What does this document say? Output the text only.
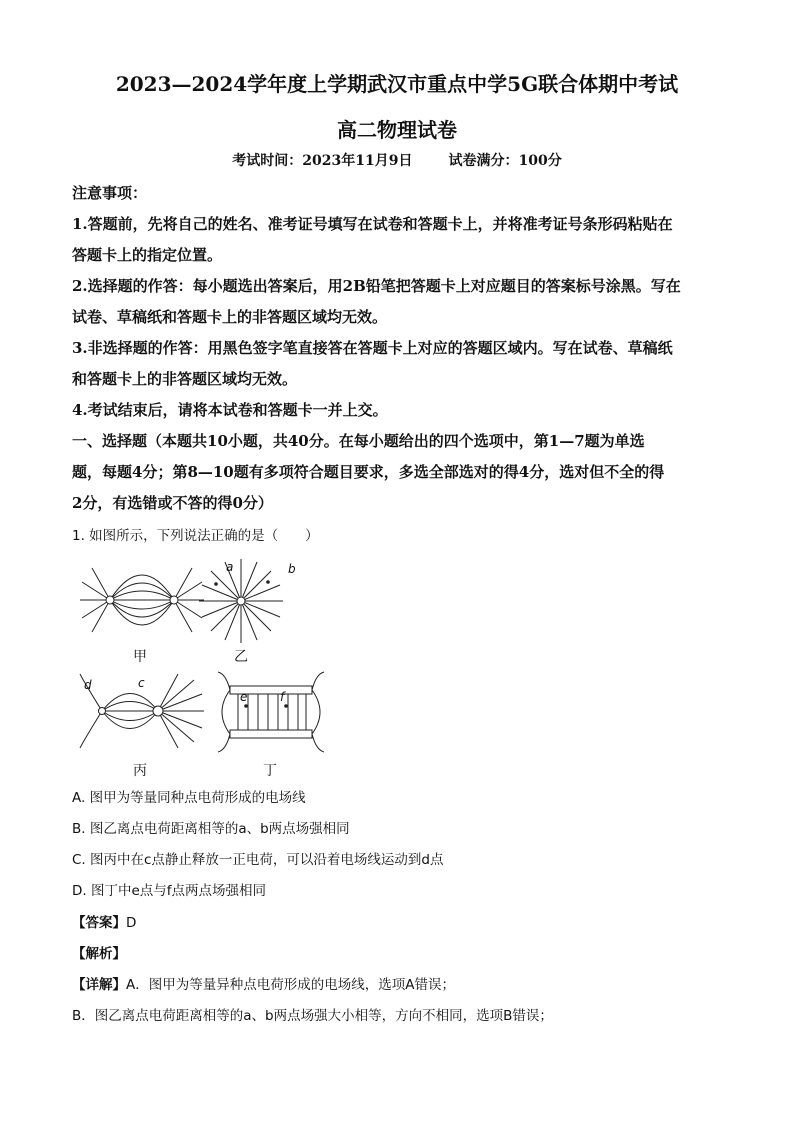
2023—2024学年度上学期武汉市重点中学5G联合体期中考试
高二物理试卷
考试时间：2023年11月9日	试卷满分：100分
注意事项：
1.答题前，先将自己的姓名、准考证号填写在试卷和答题卡上，并将准考证号条形码粘贴在
答题卡上的指定位置。
2.选择题的作答：每小题选出答案后，用2B铅笔把答题卡上对应题目的答案标号涂黑。写在
试卷、草稿纸和答题卡上的非答题区域均无效。
3.非选择题的作答：用黑色签字笔直接答在答题卡上对应的答题区域内。写在试卷、草稿纸
和答题卡上的非答题区域均无效。
4.考试结束后，请将本试卷和答题卡一并上交。
一、选择题（本题共10小题，共40分。在每小题给出的四个选项中，第1—7题为单选
题，每题4分；第8—10题有多项符合题目要求，多选全部选对的得4分，选对但不全的得
2分，有选错或不答的得0分）
1. 如图所示，下列说法正确的是（　　）
甲
a	b
乙
d	c
丙
e	f
丁
A. 图甲为等量同种点电荷形成的电场线
B. 图乙离点电荷距离相等的a、b两点场强相同
C. 图丙中在c点静止释放一正电荷，可以沿着电场线运动到d点
D. 图丁中e点与f点两点场强相同
【答案】D
【解析】
【详解】A．图甲为等量异种点电荷形成的电场线，选项A错误；
B．图乙离点电荷距离相等的a、b两点场强大小相等，方向不相同，选项B错误；
